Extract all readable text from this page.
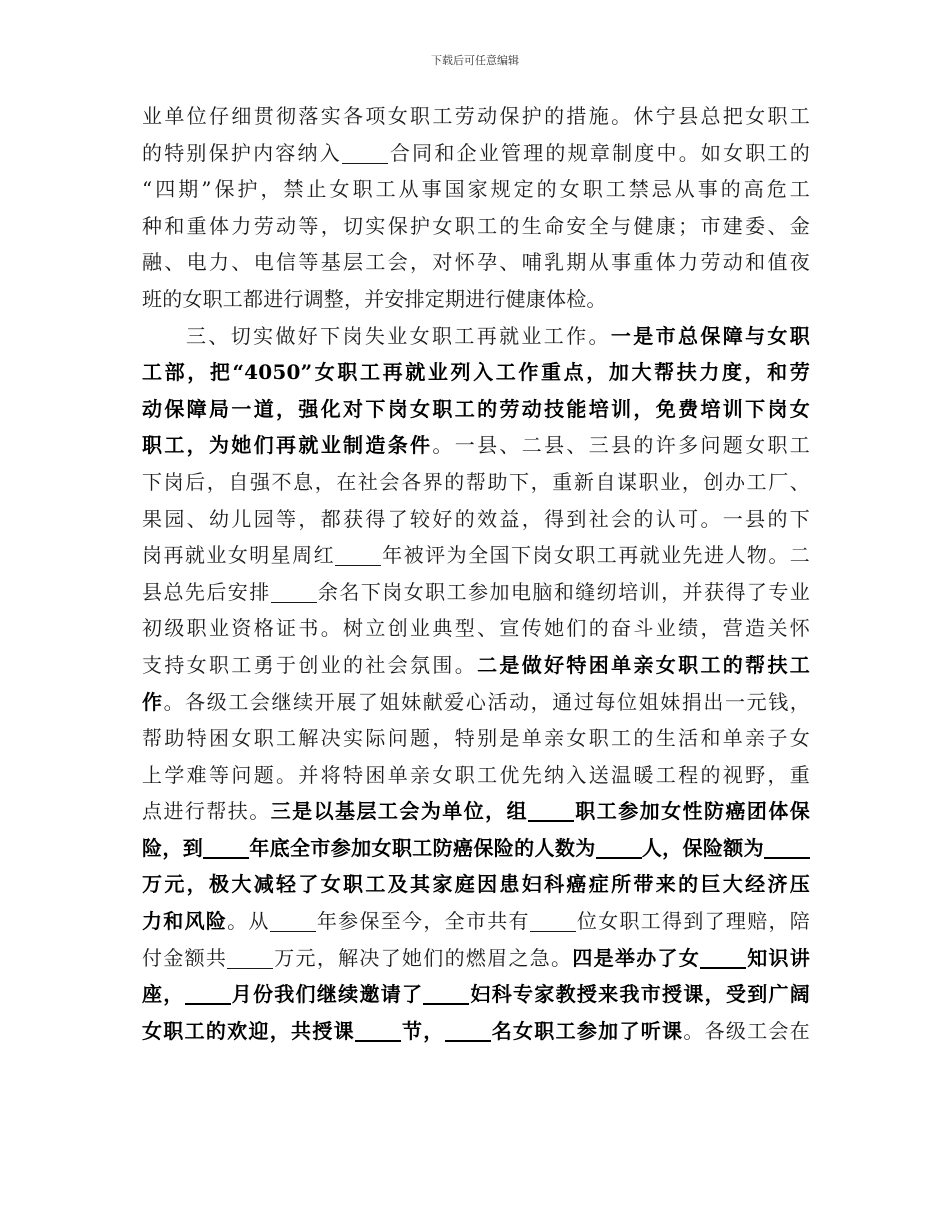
下载后可任意编辑
业单位仔细贯彻落实各项女职工劳动保护的措施。休宁县总把女职工
的特别保护内容纳入 合同和企业管理的规章制度中。如女职工的
“四期”保护，禁止女职工从事国家规定的女职工禁忌从事的高危工
种和重体力劳动等，切实保护女职工的生命安全与健康；市建委、金
融、电力、电信等基层工会，对怀孕、哺乳期从事重体力劳动和值夜
班的女职工都进行调整，并安排定期进行健康体检。
三、切实做好下岗失业女职工再就业工作。一是市总保障与女职
工部，把“4050”女职工再就业列入工作重点，加大帮扶力度，和劳
动保障局一道，强化对下岗女职工的劳动技能培训，免费培训下岗女
职工，为她们再就业制造条件。一县、二县、三县的许多问题女职工
下岗后，自强不息，在社会各界的帮助下，重新自谋职业，创办工厂、
果园、幼儿园等，都获得了较好的效益，得到社会的认可。一县的下
岗再就业女明星周红 年被评为全国下岗女职工再就业先进人物。二
县总先后安排 余名下岗女职工参加电脑和缝纫培训，并获得了专业
初级职业资格证书。树立创业典型、宣传她们的奋斗业绩，营造关怀
支持女职工勇于创业的社会氛围。二是做好特困单亲女职工的帮扶工
作。各级工会继续开展了姐妹献爱心活动，通过每位姐妹捐出一元钱，
帮助特困女职工解决实际问题，特别是单亲女职工的生活和单亲子女
上学难等问题。并将特困单亲女职工优先纳入送温暖工程的视野，重
点进行帮扶。三是以基层工会为单位，组 职工参加女性防癌团体保
险，到 年底全市参加女职工防癌保险的人数为 人，保险额为
万元，极大减轻了女职工及其家庭因患妇科癌症所带来的巨大经济压
力和风险。从 年参保至今，全市共有 位女职工得到了理赔，陪
付金额共 万元，解决了她们的燃眉之急。四是举办了女 知识讲
座， 月份我们继续邀请了 妇科专家教授来我市授课，受到广阔
女职工的欢迎，共授课 节， 名女职工参加了听课。各级工会在
